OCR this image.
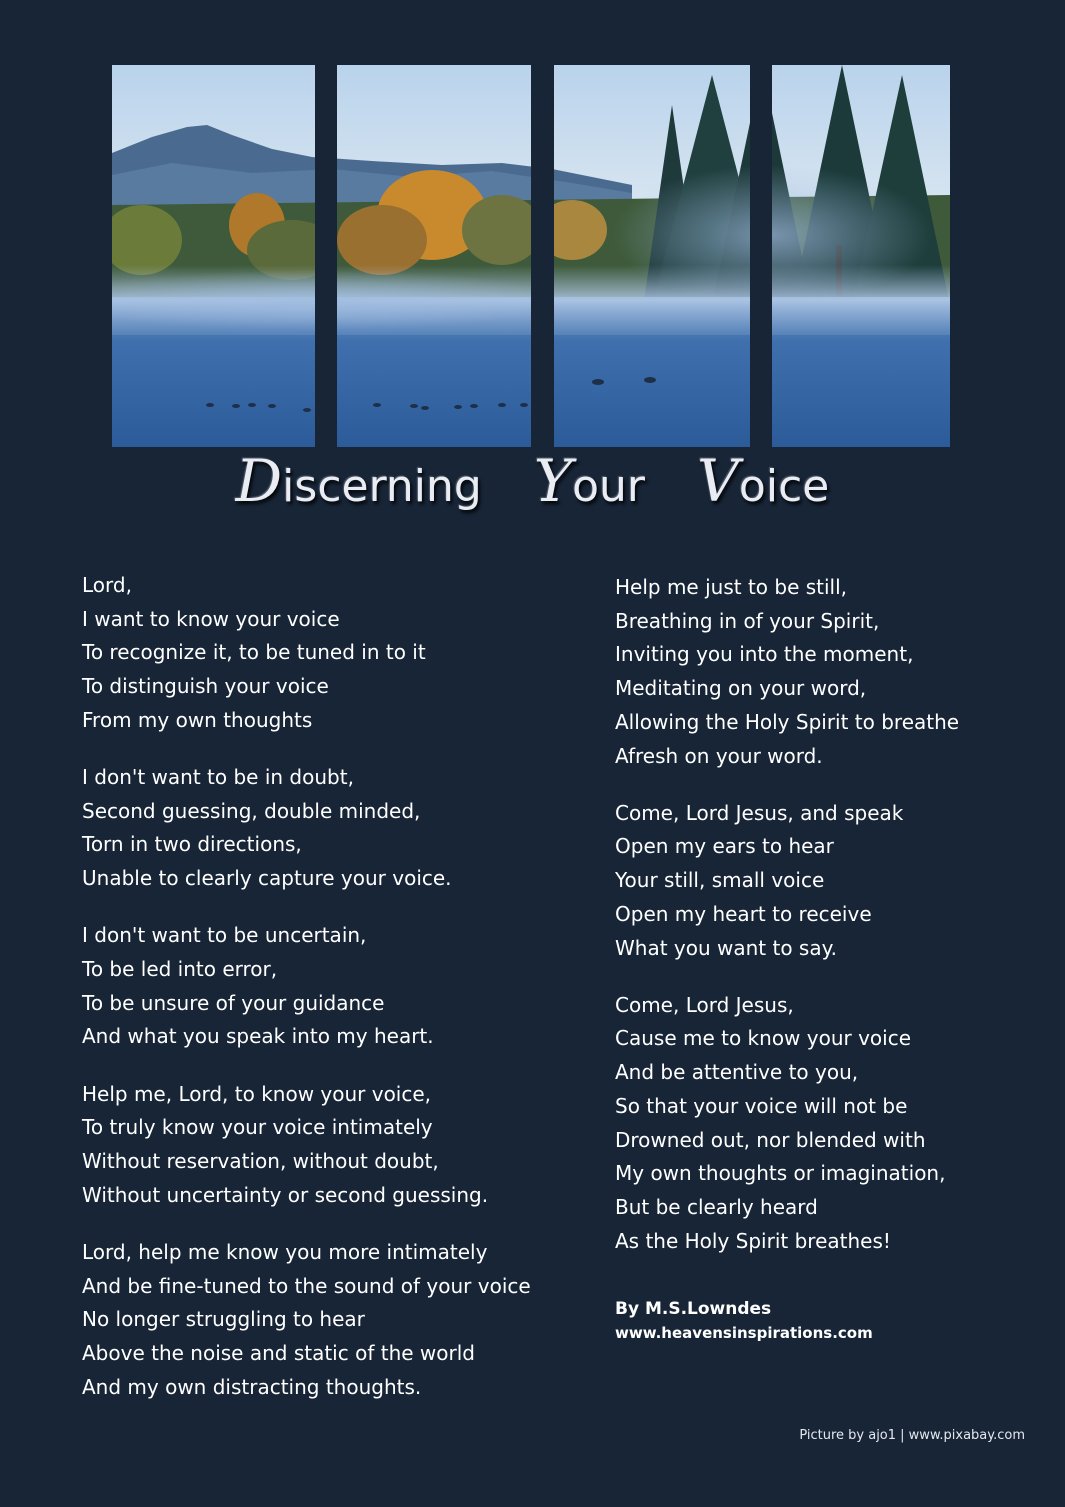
Discerning Your Voice
Lord,
I want to know your voice
To recognize it, to be tuned in to it
To distinguish your voice
From my own thoughts
I don't want to be in doubt,
Second guessing, double minded,
Torn in two directions,
Unable to clearly capture your voice.
I don't want to be uncertain,
To be led into error,
To be unsure of your guidance
And what you speak into my heart.
Help me, Lord, to know your voice,
To truly know your voice intimately
Without reservation, without doubt,
Without uncertainty or second guessing.
Lord, help me know you more intimately
And be fine-tuned to the sound of your voice
No longer struggling to hear
Above the noise and static of the world
And my own distracting thoughts.
Help me just to be still,
Breathing in of your Spirit,
Inviting you into the moment,
Meditating on your word,
Allowing the Holy Spirit to breathe
Afresh on your word.
Come, Lord Jesus, and speak
Open my ears to hear
Your still, small voice
Open my heart to receive
What you want to say.
Come, Lord Jesus,
Cause me to know your voice
And be attentive to you,
So that your voice will not be
Drowned out, nor blended with
My own thoughts or imagination,
But be clearly heard
As the Holy Spirit breathes!
By M.S.Lowndes
www.heavensinspirations.com
Picture by ajo1 | www.pixabay.com
